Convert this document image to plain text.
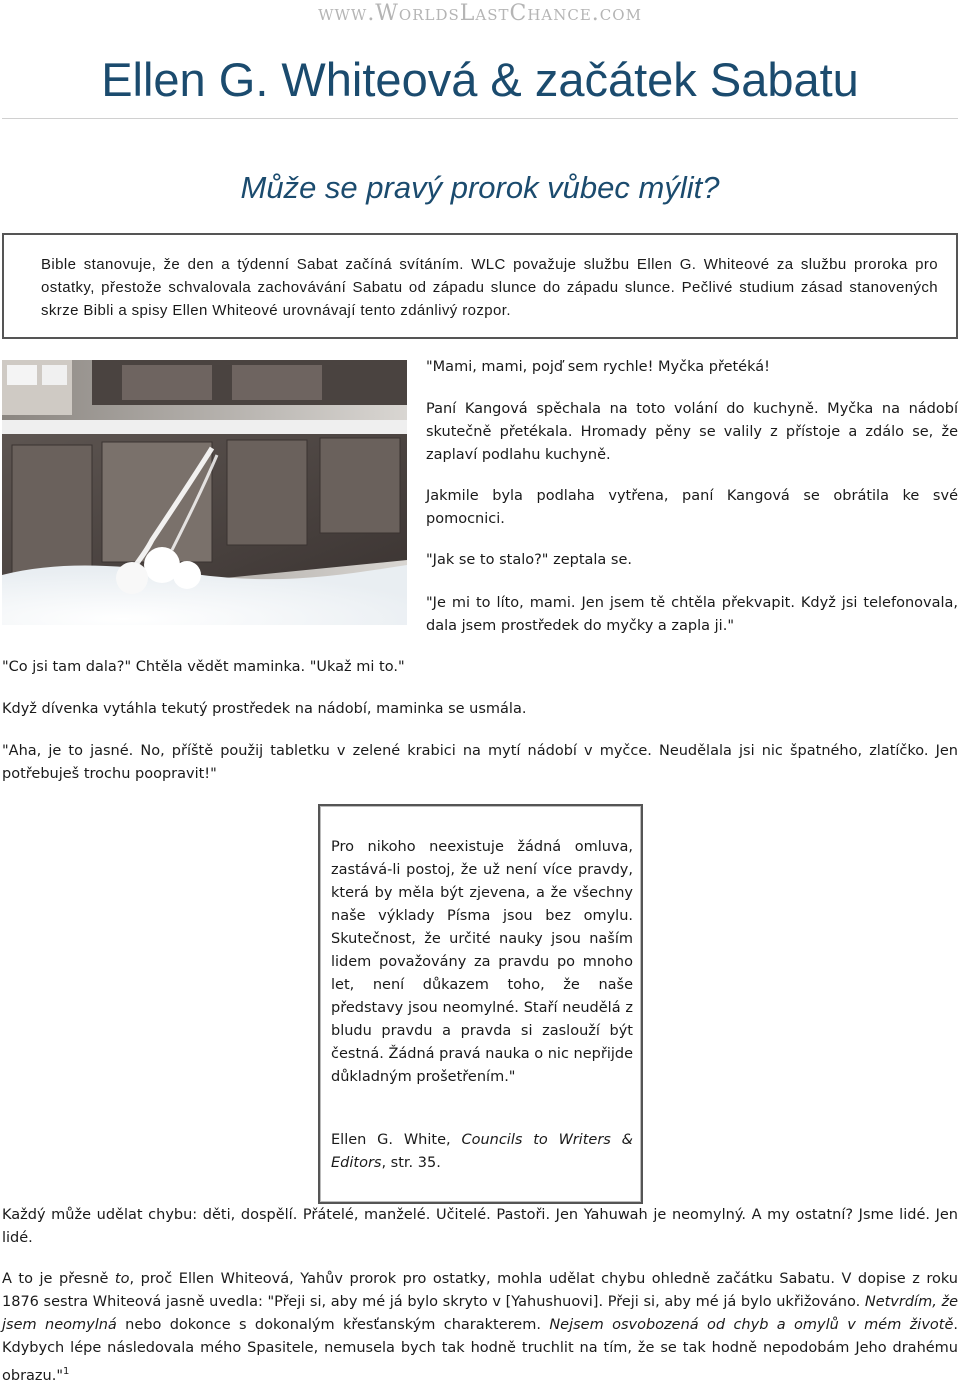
www.WorldsLastChance.com
Ellen G. Whiteová & začátek Sabatu
Může se pravý prorok vůbec mýlit?
Bible stanovuje, že den a týdenní Sabat začíná svítáním. WLC považuje službu Ellen G. Whiteové za službu proroka pro ostatky, přestože schvalovala zachovávání Sabatu od západu slunce do západu slunce. Pečlivé studium zásad stanovených skrze Bibli a spisy Ellen Whiteové urovnávají tento zdánlivý rozpor.

"Mami, mami, pojď sem rychle! Myčka přetéká!

Paní Kangová spěchala na toto volání do kuchyně. Myčka na nádobí skutečně přetékala. Hromady pěny se valily z přístoje a zdálo se, že zaplaví podlahu kuchyně.

Jakmile byla podlaha vytřena, paní Kangová se obrátila ke své pomocnici.

"Jak se to stalo?" zeptala se.

"Je mi to líto, mami. Jen jsem tě chtěla překvapit. Když jsi telefonovala, dala jsem prostředek do myčky a zapla ji."

"Co jsi tam dala?" Chtěla vědět maminka. "Ukaž mi to."

Když dívenka vytáhla tekutý prostředek na nádobí, maminka se usmála.

"Aha, je to jasné. No, příště použij tabletku v zelené krabici na mytí nádobí v myčce. Neudělala jsi nic špatného, zlatíčko. Jen potřebuješ trochu poopravit!"

Pro nikoho neexistuje žádná omluva, zastává-li postoj, že už není více pravdy, která by měla být zjevena, a že všechny naše výklady Písma jsou bez omylu. Skutečnost, že určité nauky jsou naším lidem považovány za pravdu po mnoho let, není důkazem toho, že naše představy jsou neomylné. Staří neudělá z bludu pravdu a pravda si zaslouží být čestná. Žádná pravá nauka o nic nepřijde důkladným prošetřením."

Ellen G. White, Councils to Writers & Editors, str. 35.

Každý může udělat chybu: děti, dospělí. Přátelé, manželé. Učitelé. Pastoři. Jen Yahuwah je neomylný. A my ostatní? Jsme lidé. Jen lidé.

A to je přesně to, proč Ellen Whiteová, Yahův prorok pro ostatky, mohla udělat chybu ohledně začátku Sabatu. V dopise z roku 1876 sestra Whiteová jasně uvedla: "Přeji si, aby mé já bylo skryto v [Yahushuovi]. Přeji si, aby mé já bylo ukřižováno. Netvrdím, že jsem neomylná nebo dokonce s dokonalým křesťanským charakterem. Nejsem osvobozená od chyb a omylů v mém životě. Kdybych lépe následovala mého Spasitele, nemusela bych tak hodně truchlit na tím, že se tak hodně nepodobám Jeho drahému obrazu."$^1$
